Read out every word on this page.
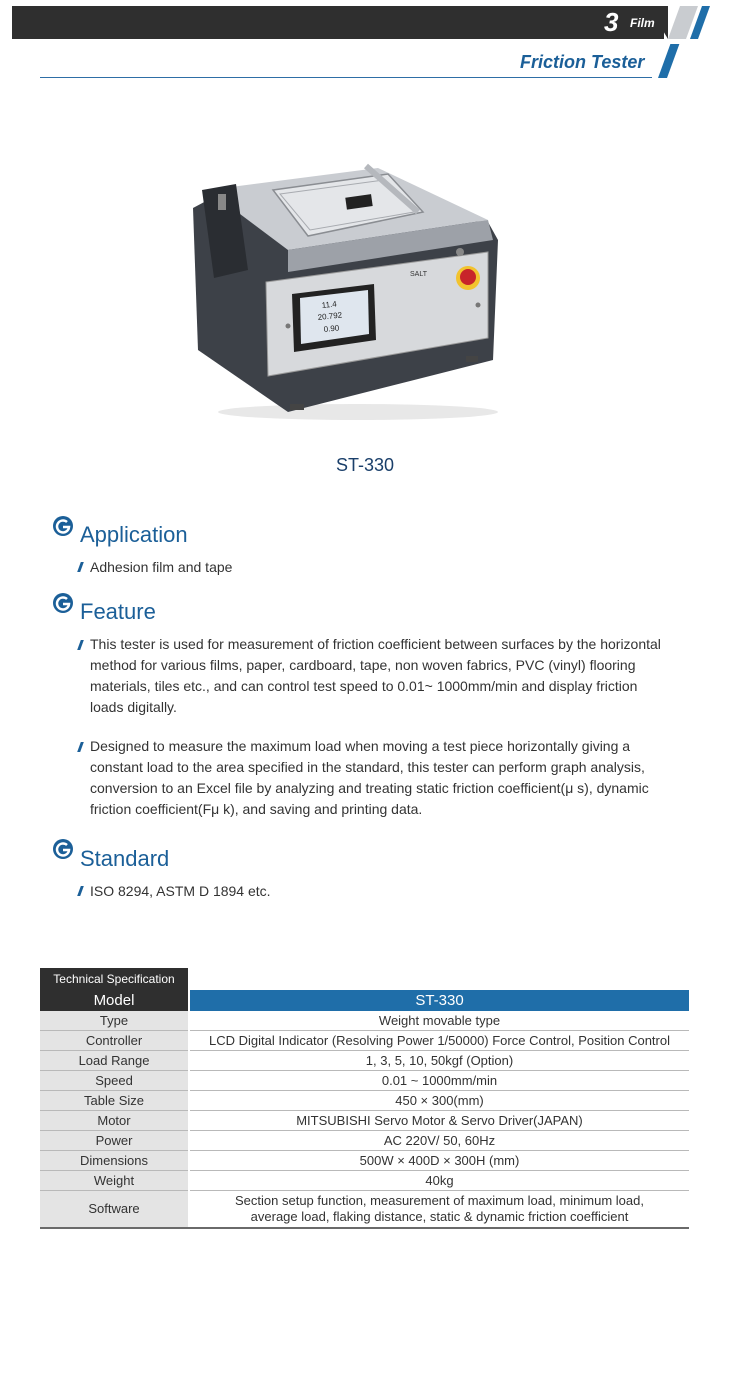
3 Film
Friction Tester
11.4
20.792
0.90
SALT
ST-330
Application
Adhesion film and tape
Feature
This tester is used for measurement of friction coefficient between surfaces by the horizontal method for various films, paper, cardboard, tape, non woven fabrics, PVC (vinyl) flooring materials, tiles etc., and can control test speed to 0.01~ 1000mm/min and display friction loads digitally.
Designed to measure the maximum load when moving a test piece horizontally giving a constant load to the area specified in the standard, this tester can perform graph analysis, conversion to an Excel file by analyzing and treating static friction coefficient(μ s), dynamic friction coefficient(Fμ k), and saving and printing data.
Standard
ISO 8294, ASTM D 1894 etc.
Technical Specification
Model	ST-330
Type	Weight movable type
Controller	LCD Digital Indicator (Resolving Power 1/50000) Force Control, Position Control
Load Range	1, 3, 5, 10, 50kgf (Option)
Speed	0.01 ~ 1000mm/min
Table Size	450 × 300(mm)
Motor	MITSUBISHI Servo Motor & Servo Driver(JAPAN)
Power	AC 220V/ 50, 60Hz
Dimensions	500W × 400D × 300H (mm)
Weight	40kg
Software	Section setup function, measurement of maximum load, minimum load,
average load, flaking distance, static & dynamic friction coefficient
